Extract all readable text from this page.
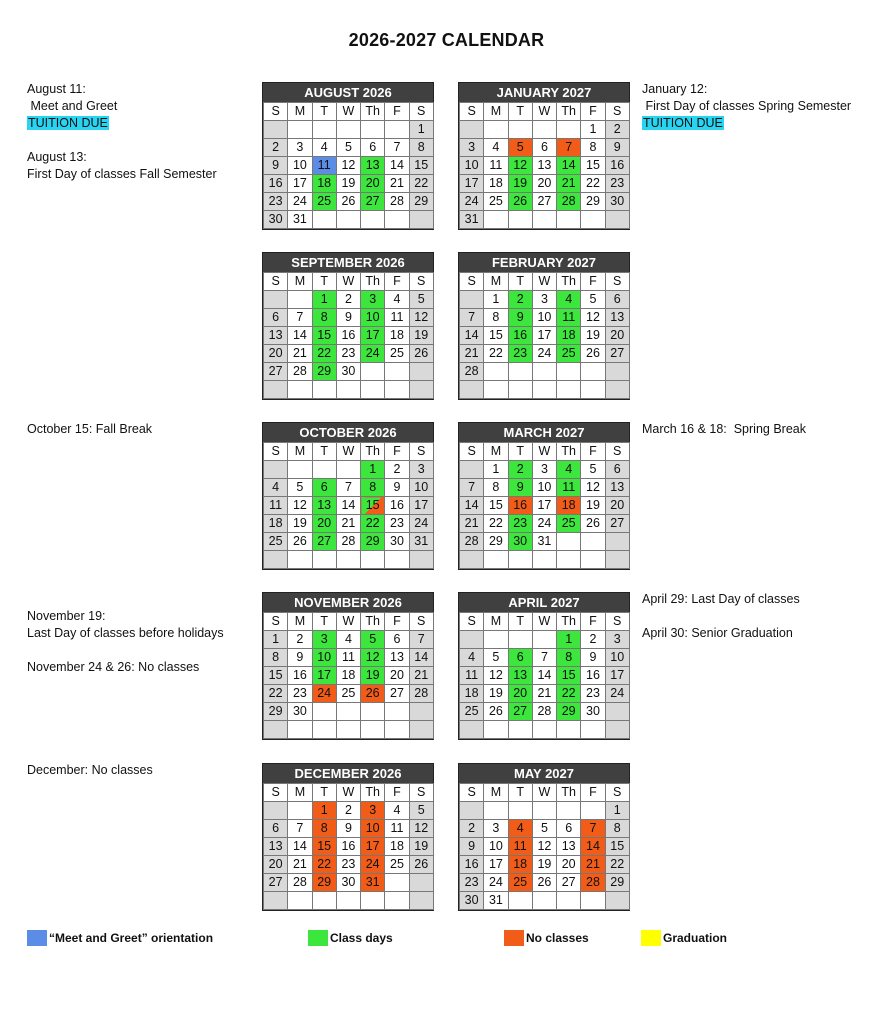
2026-2027 CALENDAR
AUGUST 2026
S	M	T	W	Th	F	S
						1
2	3	4	5	6	7	8
9	10	11	12	13	14	15
16	17	18	19	20	21	22
23	24	25	26	27	28	29
30	31					
JANUARY 2027
S	M	T	W	Th	F	S
					1	2
3	4	5	6	7	8	9
10	11	12	13	14	15	16
17	18	19	20	21	22	23
24	25	26	27	28	29	30
31						
SEPTEMBER 2026
S	M	T	W	Th	F	S
		1	2	3	4	5
6	7	8	9	10	11	12
13	14	15	16	17	18	19
20	21	22	23	24	25	26
27	28	29	30			

FEBRUARY 2027
S	M	T	W	Th	F	S
	1	2	3	4	5	6
7	8	9	10	11	12	13
14	15	16	17	18	19	20
21	22	23	24	25	26	27
28						

OCTOBER 2026
S	M	T	W	Th	F	S
				1	2	3
4	5	6	7	8	9	10
11	12	13	14	15	16	17
18	19	20	21	22	23	24
25	26	27	28	29	30	31

MARCH 2027
S	M	T	W	Th	F	S
	1	2	3	4	5	6
7	8	9	10	11	12	13
14	15	16	17	18	19	20
21	22	23	24	25	26	27
28	29	30	31			

NOVEMBER 2026
S	M	T	W	Th	F	S
1	2	3	4	5	6	7
8	9	10	11	12	13	14
15	16	17	18	19	20	21
22	23	24	25	26	27	28
29	30					

APRIL 2027
S	M	T	W	Th	F	S
				1	2	3
4	5	6	7	8	9	10
11	12	13	14	15	16	17
18	19	20	21	22	23	24
25	26	27	28	29	30	

DECEMBER 2026
S	M	T	W	Th	F	S
		1	2	3	4	5
6	7	8	9	10	11	12
13	14	15	16	17	18	19
20	21	22	23	24	25	26
27	28	29	30	31		

MAY 2027
S	M	T	W	Th	F	S
						1
2	3	4	5	6	7	8
9	10	11	12	13	14	15
16	17	18	19	20	21	22
23	24	25	26	27	28	29
30	31					
August 11:
Meet and Greet
TUITION DUE
August 13:
First Day of classes Fall Semester
October 15: Fall Break
November 19:
Last Day of classes before holidays
November 24 & 26: No classes
December: No classes
January 12:
First Day of classes Spring Semester
TUITION DUE
March 16 & 18:  Spring Break
April 29: Last Day of classes
April 30: Senior Graduation
“Meet and Greet” orientation	Class days	No classes	Graduation
